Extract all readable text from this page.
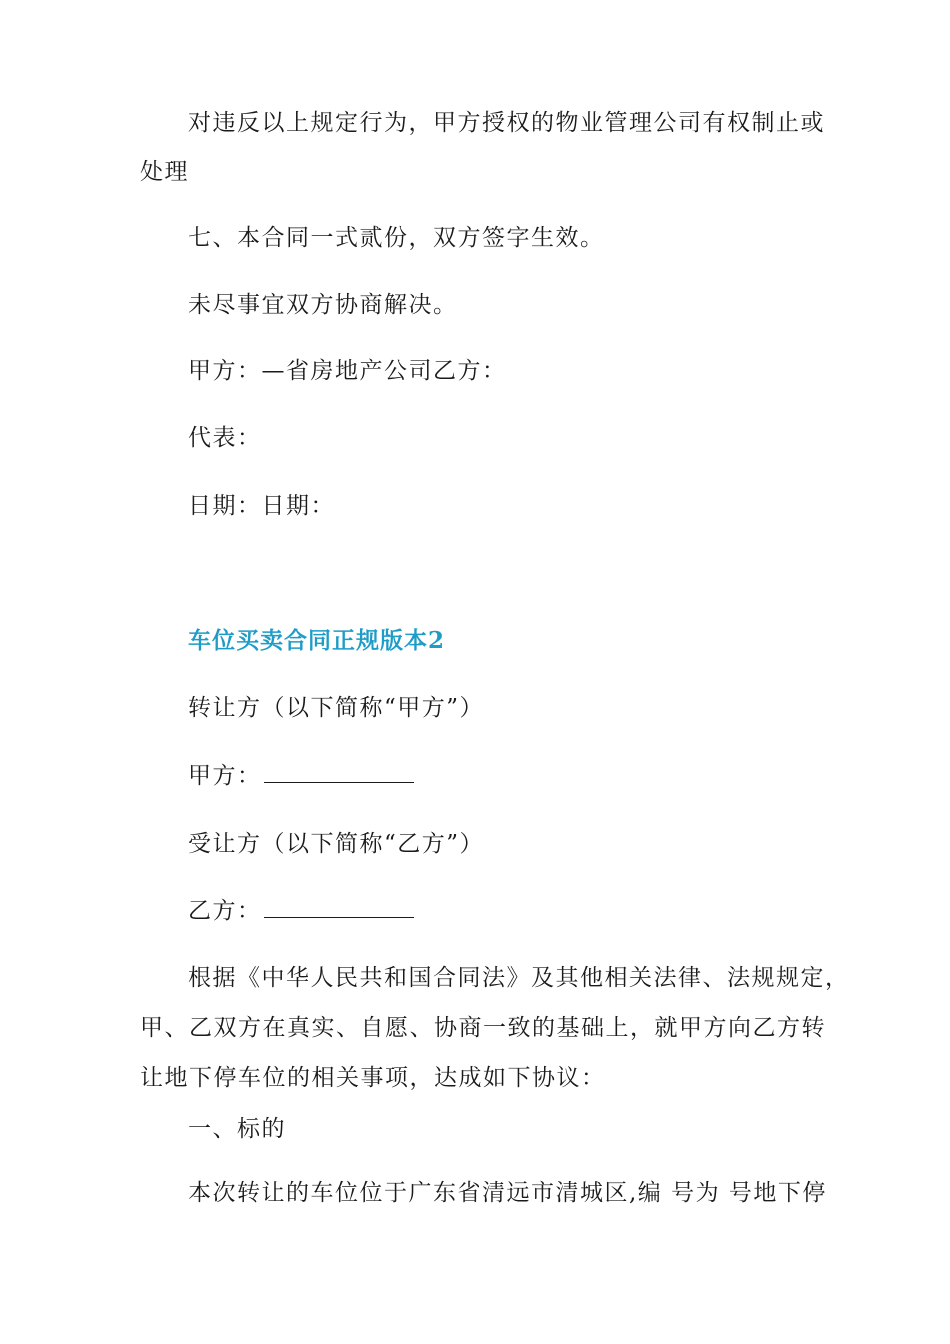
对违反以上规定行为，甲方授权的物业管理公司有权制止或
处理
七、本合同一式贰份，双方签字生效。
未尽事宜双方协商解决。
甲方：—省房地产公司乙方：
代表：
日期：日期：
车位买卖合同正规版本2
转让方（以下简称“甲方”）
甲方：
受让方（以下简称“乙方”）
乙方：
根据《中华人民共和国合同法》及其他相关法律、法规规定，
甲、乙双方在真实、自愿、协商一致的基础上，就甲方向乙方转
让地下停车位的相关事项，达成如下协议：
一、标的
本次转让的车位位于广东省清远市清城区,编 号为 号地下停
